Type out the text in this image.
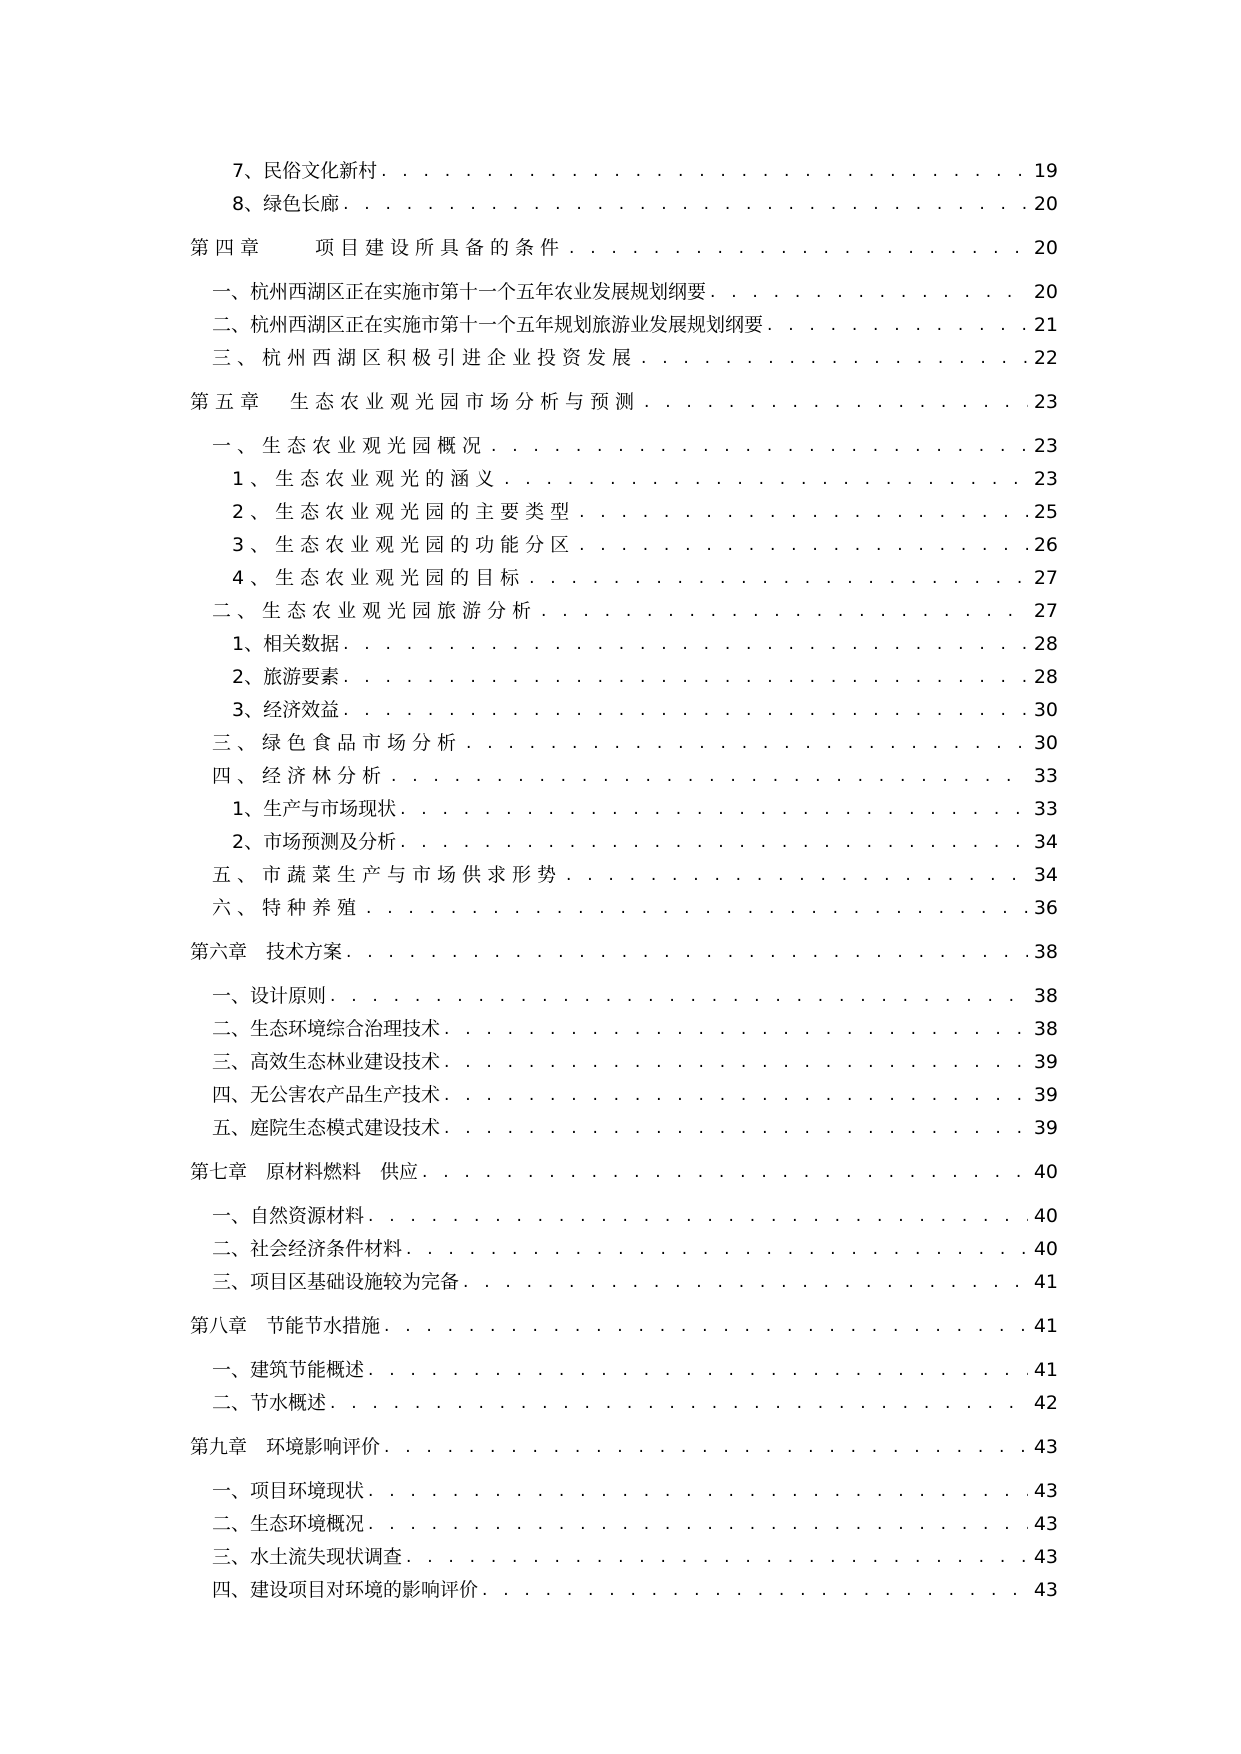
7、民俗文化新村 . . .	19
8、绿色长廊 . . .	20
第四章　　项目建设所具备的条件 . . .	20
一、杭州西湖区正在实施市第十一个五年农业发展规划纲要 . . .	20
二、杭州西湖区正在实施市第十一个五年规划旅游业发展规划纲要 . . .	21
三、杭州西湖区积极引进企业投资发展 . . .	22
第五章　生态农业观光园市场分析与预测 . . .	23
一、生态农业观光园概况 . . .	23
1、生态农业观光的涵义 . . .	23
2、生态农业观光园的主要类型 . . .	25
3、生态农业观光园的功能分区 . . .	26
4、生态农业观光园的目标 . . .	27
二、生态农业观光园旅游分析 . . .	27
1、相关数据 . . .	28
2、旅游要素 . . .	28
3、经济效益 . . .	30
三、绿色食品市场分析 . . .	30
四、经济林分析 . . .	33
1、生产与市场现状 . . .	33
2、市场预测及分析 . . .	34
五、市蔬菜生产与市场供求形势 . . .	34
六、特种养殖 . . .	36
第六章　技术方案 . . .	38
一、设计原则 . . .	38
二、生态环境综合治理技术 . . .	38
三、高效生态林业建设技术 . . .	39
四、无公害农产品生产技术 . . .	39
五、庭院生态模式建设技术 . . .	39
第七章　原材料燃料　供应 . . .	40
一、自然资源材料 . . .	40
二、社会经济条件材料 . . .	40
三、项目区基础设施较为完备 . . .	41
第八章　节能节水措施 . . .	41
一、建筑节能概述 . . .	41
二、节水概述 . . .	42
第九章　环境影响评价 . . .	43
一、项目环境现状 . . .	43
二、生态环境概况 . . .	43
三、水土流失现状调查 . . .	43
四、建设项目对环境的影响评价 . . .	43
